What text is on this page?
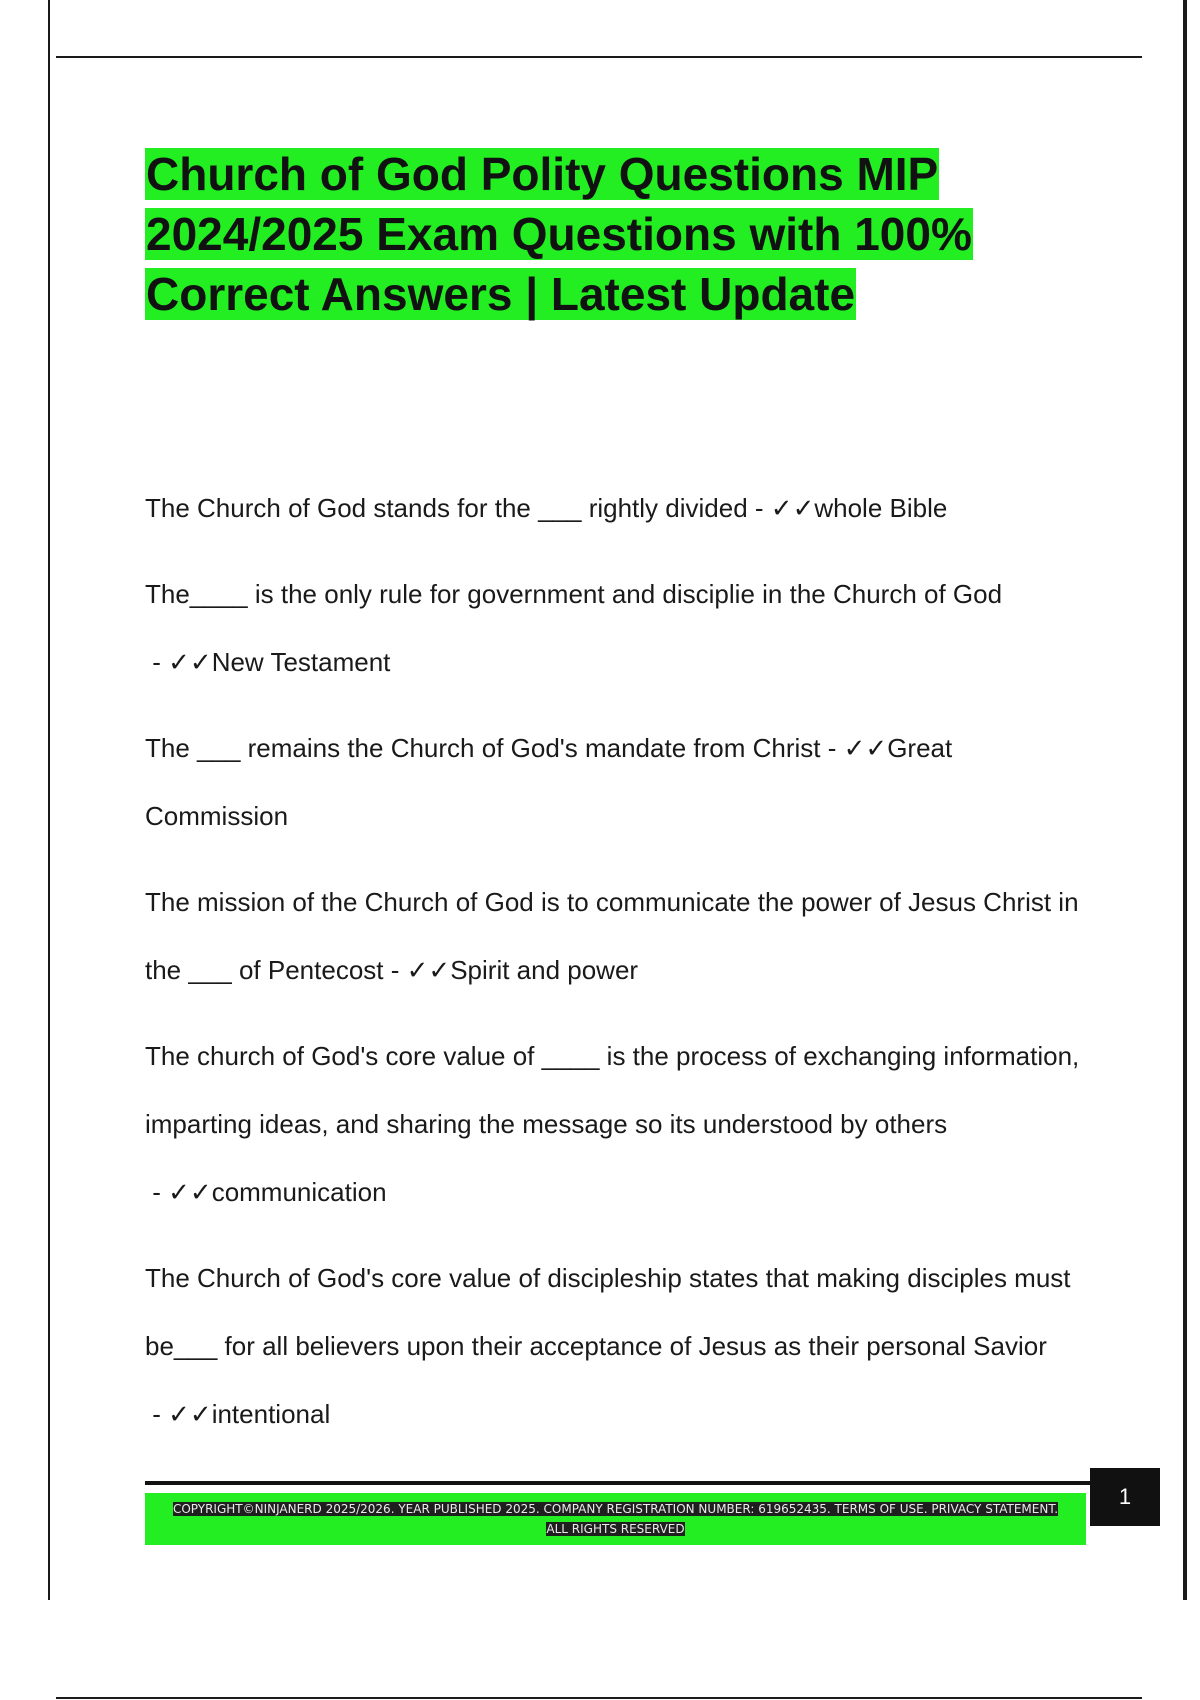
Church of God Polity Questions MIP
2024/2025 Exam Questions with 100%
Correct Answers | Latest Update

The Church of God stands for the ___ rightly divided - ✓✓whole Bible

The____ is the only rule for government and disciplie in the Church of God - ✓✓New Testament

The ___ remains the Church of God's mandate from Christ - ✓✓Great Commission

The mission of the Church of God is to communicate the power of Jesus Christ in the ___ of Pentecost - ✓✓Spirit and power

The church of God's core value of ____ is the process of exchanging information, imparting ideas, and sharing the message so its understood by others - ✓✓communication

The Church of God's core value of discipleship states that making disciples must be___ for all believers upon their acceptance of Jesus as their personal Savior - ✓✓intentional

COPYRIGHT©NINJANERD 2025/2026. YEAR PUBLISHED 2025. COMPANY REGISTRATION NUMBER: 619652435. TERMS OF USE. PRIVACY STATEMENT. ALL RIGHTS RESERVED
1
